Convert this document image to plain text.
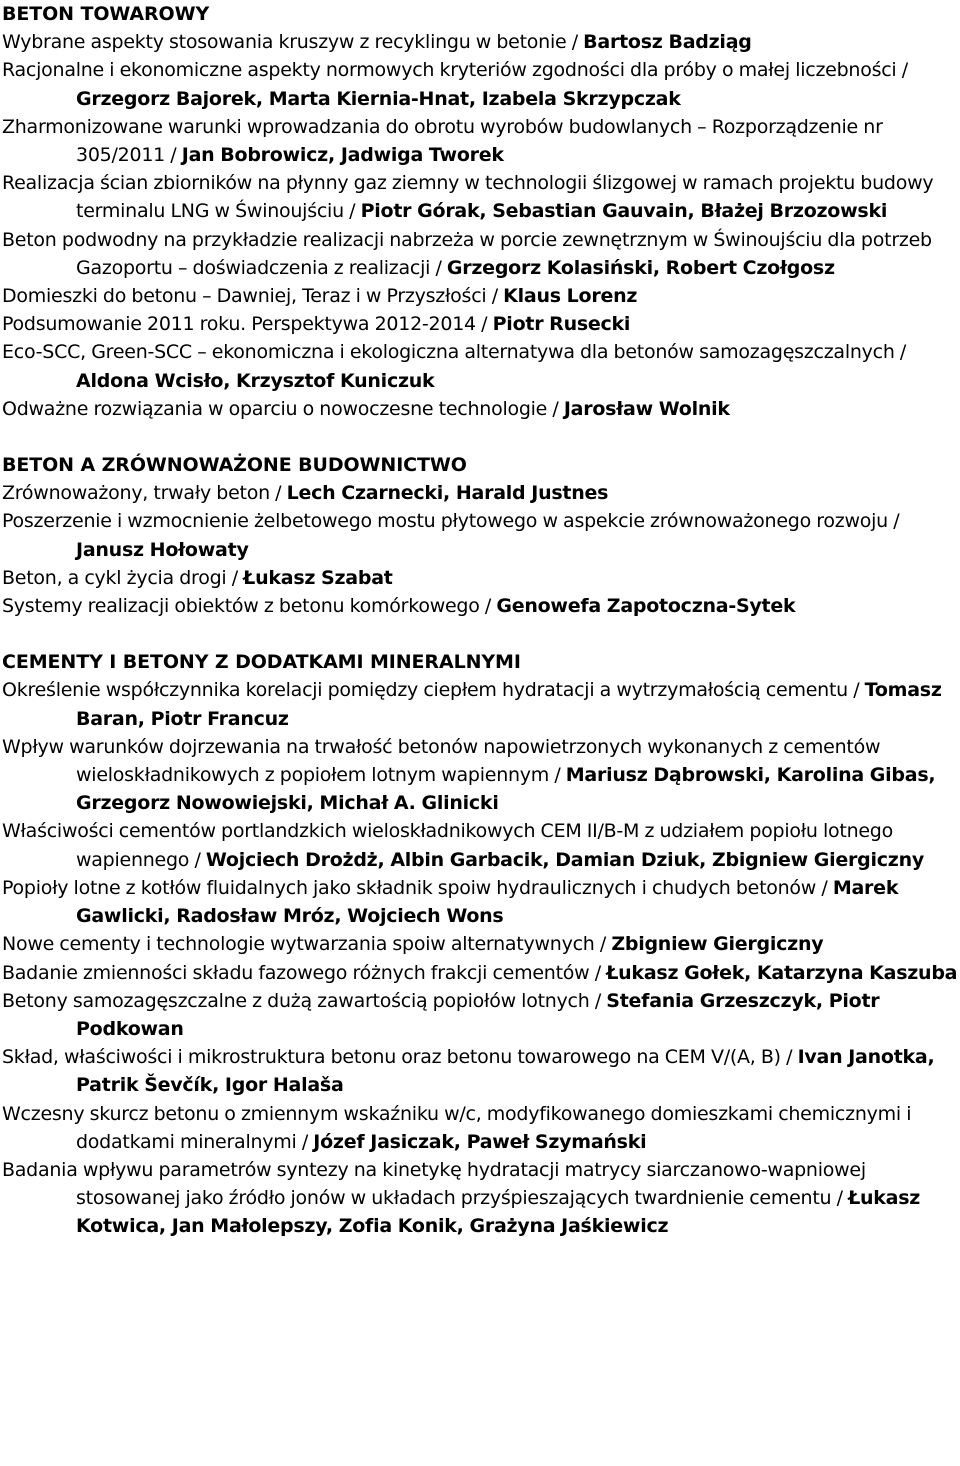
BETON TOWAROWY
Wybrane aspekty stosowania kruszyw z recyklingu w betonie / Bartosz Badziąg
Racjonalne i ekonomiczne aspekty normowych kryteriów zgodności dla próby o małej liczebności / Grzegorz Bajorek, Marta Kiernia-Hnat, Izabela Skrzypczak
Zharmonizowane warunki wprowadzania do obrotu wyrobów budowlanych – Rozporządzenie nr 305/2011 / Jan Bobrowicz, Jadwiga Tworek
Realizacja ścian zbiorników na płynny gaz ziemny w technologii ślizgowej w ramach projektu budowy terminalu LNG w Świnoujściu / Piotr Górak, Sebastian Gauvain, Błażej Brzozowski
Beton podwodny na przykładzie realizacji nabrzeża w porcie zewnętrznym w Świnoujściu dla potrzeb Gazoportu – doświadczenia z realizacji / Grzegorz Kolasiński, Robert Czołgosz
Domieszki do betonu – Dawniej, Teraz i w Przyszłości / Klaus Lorenz
Podsumowanie 2011 roku. Perspektywa 2012-2014 / Piotr Rusecki
Eco-SCC, Green-SCC – ekonomiczna i ekologiczna alternatywa dla betonów samozagęszczalnych / Aldona Wcisło, Krzysztof Kuniczuk
Odważne rozwiązania w oparciu o nowoczesne technologie / Jarosław Wolnik
BETON A ZRÓWNOWAŻONE BUDOWNICTWO
Zrównoważony, trwały beton / Lech Czarnecki, Harald Justnes
Poszerzenie i wzmocnienie żelbetowego mostu płytowego w aspekcie zrównoważonego rozwoju / Janusz Hołowaty
Beton, a cykl życia drogi / Łukasz Szabat
Systemy realizacji obiektów z betonu komórkowego / Genowefa Zapotoczna-Sytek
CEMENTY I BETONY Z DODATKAMI MINERALNYMI
Określenie współczynnika korelacji pomiędzy ciepłem hydratacji a wytrzymałością cementu / Tomasz Baran, Piotr Francuz
Wpływ warunków dojrzewania na trwałość betonów napowietrzonych wykonanych z cementów wieloskładnikowych z popiołem lotnym wapiennym / Mariusz Dąbrowski, Karolina Gibas, Grzegorz Nowowiejski, Michał A. Glinicki
Właściwości cementów portlandzkich wieloskładnikowych CEM II/B-M z udziałem popiołu lotnego wapiennego / Wojciech Drożdż, Albin Garbacik, Damian Dziuk, Zbigniew Giergiczny
Popioły lotne z kotłów fluidalnych jako składnik spoiw hydraulicznych i chudych betonów / Marek Gawlicki, Radosław Mróz, Wojciech Wons
Nowe cementy i technologie wytwarzania spoiw alternatywnych / Zbigniew Giergiczny
Badanie zmienności składu fazowego różnych frakcji cementów / Łukasz Gołek, Katarzyna Kaszuba
Betony samozagęszczalne z dużą zawartością popiołów lotnych / Stefania Grzeszczyk, Piotr Podkowan
Skład, właściwości i mikrostruktura betonu oraz betonu towarowego na CEM V/(A, B) / Ivan Janotka, Patrik Ševčík, Igor Halaša
Wczesny skurcz betonu o zmiennym wskaźniku w/c, modyfikowanego domieszkami chemicznymi i dodatkami mineralnymi / Józef Jasiczak, Paweł Szymański
Badania wpływu parametrów syntezy na kinetykę hydratacji matrycy siarczanowo‑wapniowej stosowanej jako źródło jonów w układach przyśpieszających twardnienie cementu / Łukasz Kotwica, Jan Małolepszy, Zofia Konik, Grażyna Jaśkiewicz
